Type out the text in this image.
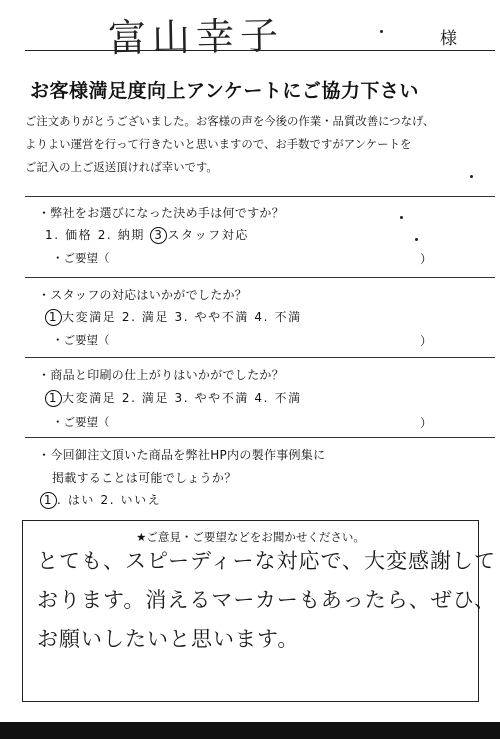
富山幸子	様
お客様満足度向上アンケートにご協力下さい
ご注文ありがとうございました。お客様の声を今後の作業・品質改善につなげ、
よりよい運営を行って行きたいと思いますので、お手数ですがアンケートを
ご記入の上ご返送頂ければ幸いです。
・弊社をお選びになった決め手は何ですか？
1. 価格 2. 納期 3 スタッフ対応
・ご要望（	）
・スタッフの対応はいかがでしたか？
1 大変満足 2. 満足 3. やや不満 4. 不満
・ご要望（	）
・商品と印刷の仕上がりはいかがでしたか？
1 大変満足 2. 満足 3. やや不満 4. 不満
・ご要望（	）
・今回御注文頂いた商品を弊社HP内の製作事例集に
掲載することは可能でしょうか？
1 . はい 2. いいえ
★ご意見・ご要望などをお聞かせください。
とても、スピーディーな対応で、大変感謝して
おります。消えるマーカーもあったら、ぜひ、
お願いしたいと思います。
